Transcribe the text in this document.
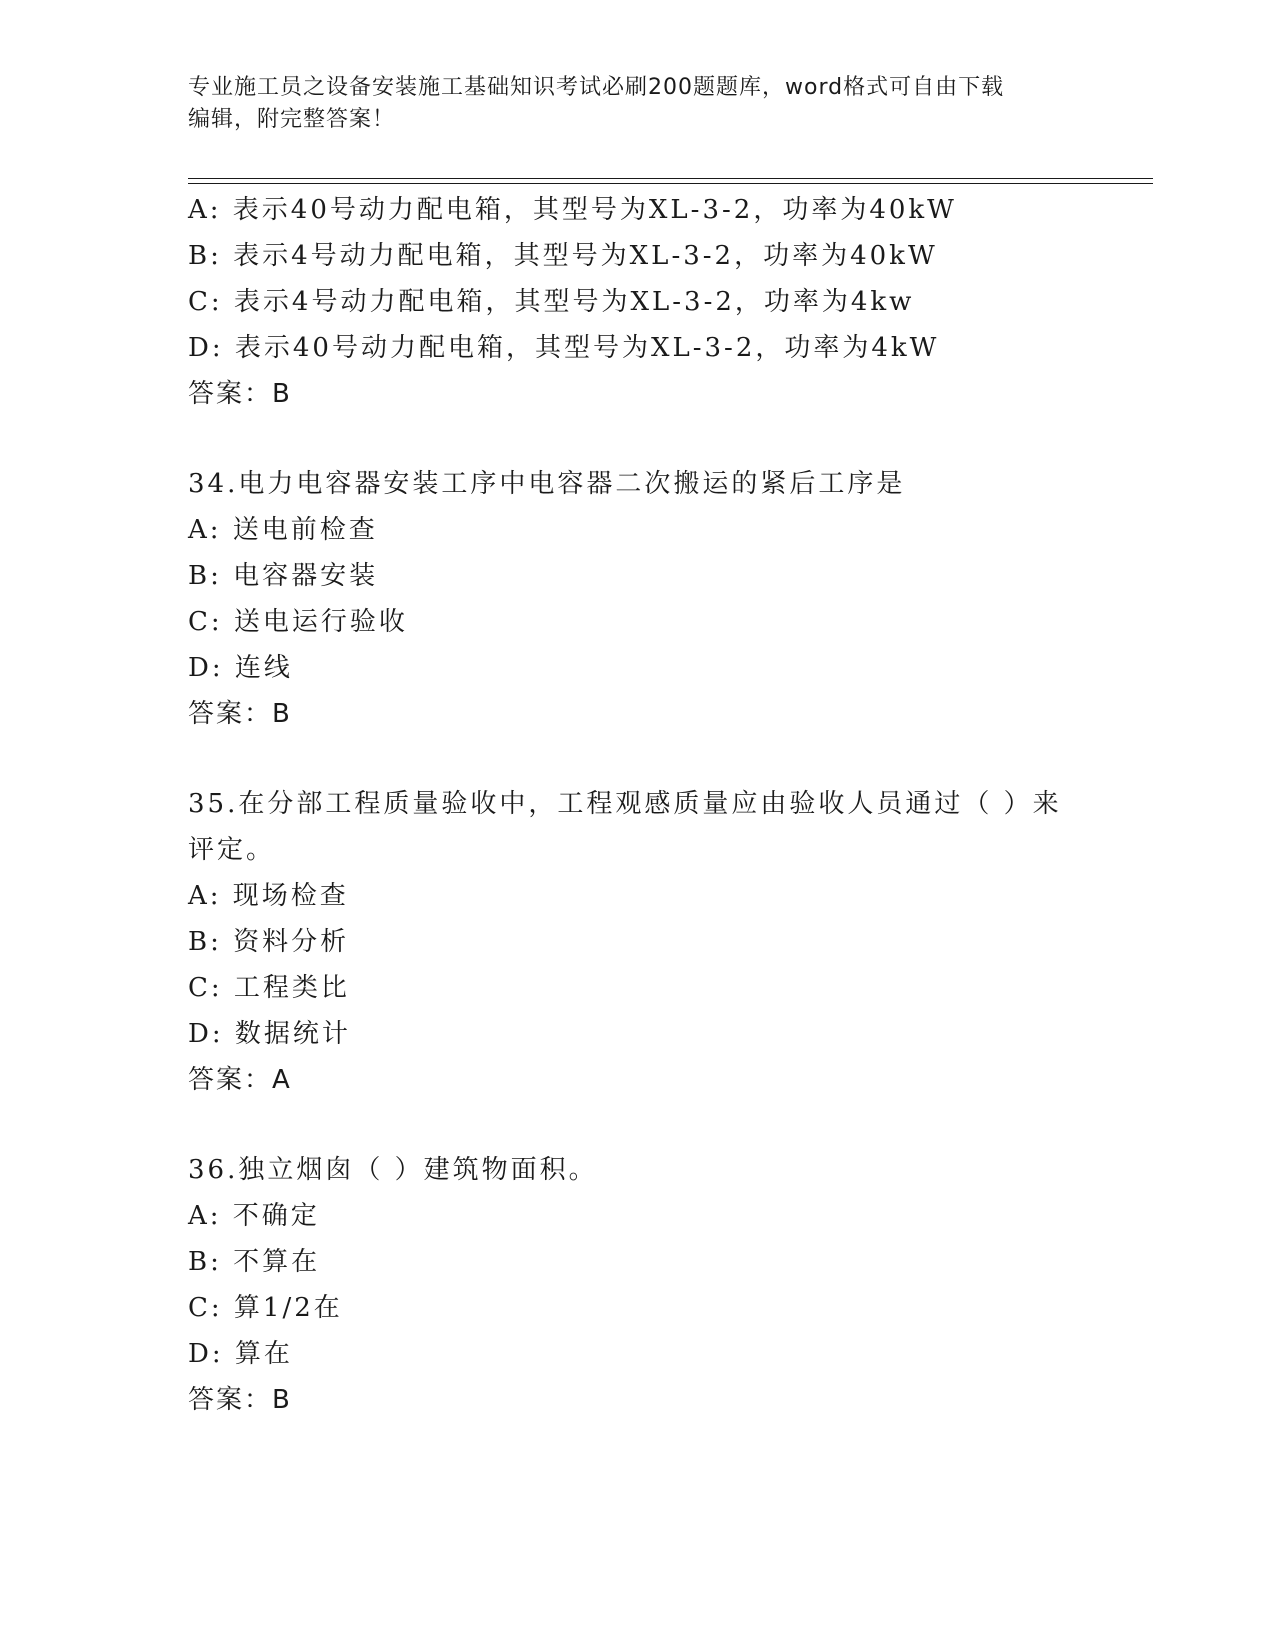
专业施工员之设备安装施工基础知识考试必刷200题题库，word格式可自由下载
编辑，附完整答案！
A: 表示40号动力配电箱，其型号为XL-3-2，功率为40kW
B: 表示4号动力配电箱，其型号为XL-3-2，功率为40kW
C: 表示4号动力配电箱，其型号为XL-3-2，功率为4kw
D: 表示40号动力配电箱，其型号为XL-3-2，功率为4kW
答案：B
34.电力电容器安装工序中电容器二次搬运的紧后工序是
A: 送电前检查
B: 电容器安装
C: 送电运行验收
D: 连线
答案：B
35.在分部工程质量验收中，工程观感质量应由验收人员通过（ ）来
评定。
A: 现场检查
B: 资料分析
C: 工程类比
D: 数据统计
答案：A
36.独立烟囱（ ）建筑物面积。
A: 不确定
B: 不算在
C: 算1/2在
D: 算在
答案：B
